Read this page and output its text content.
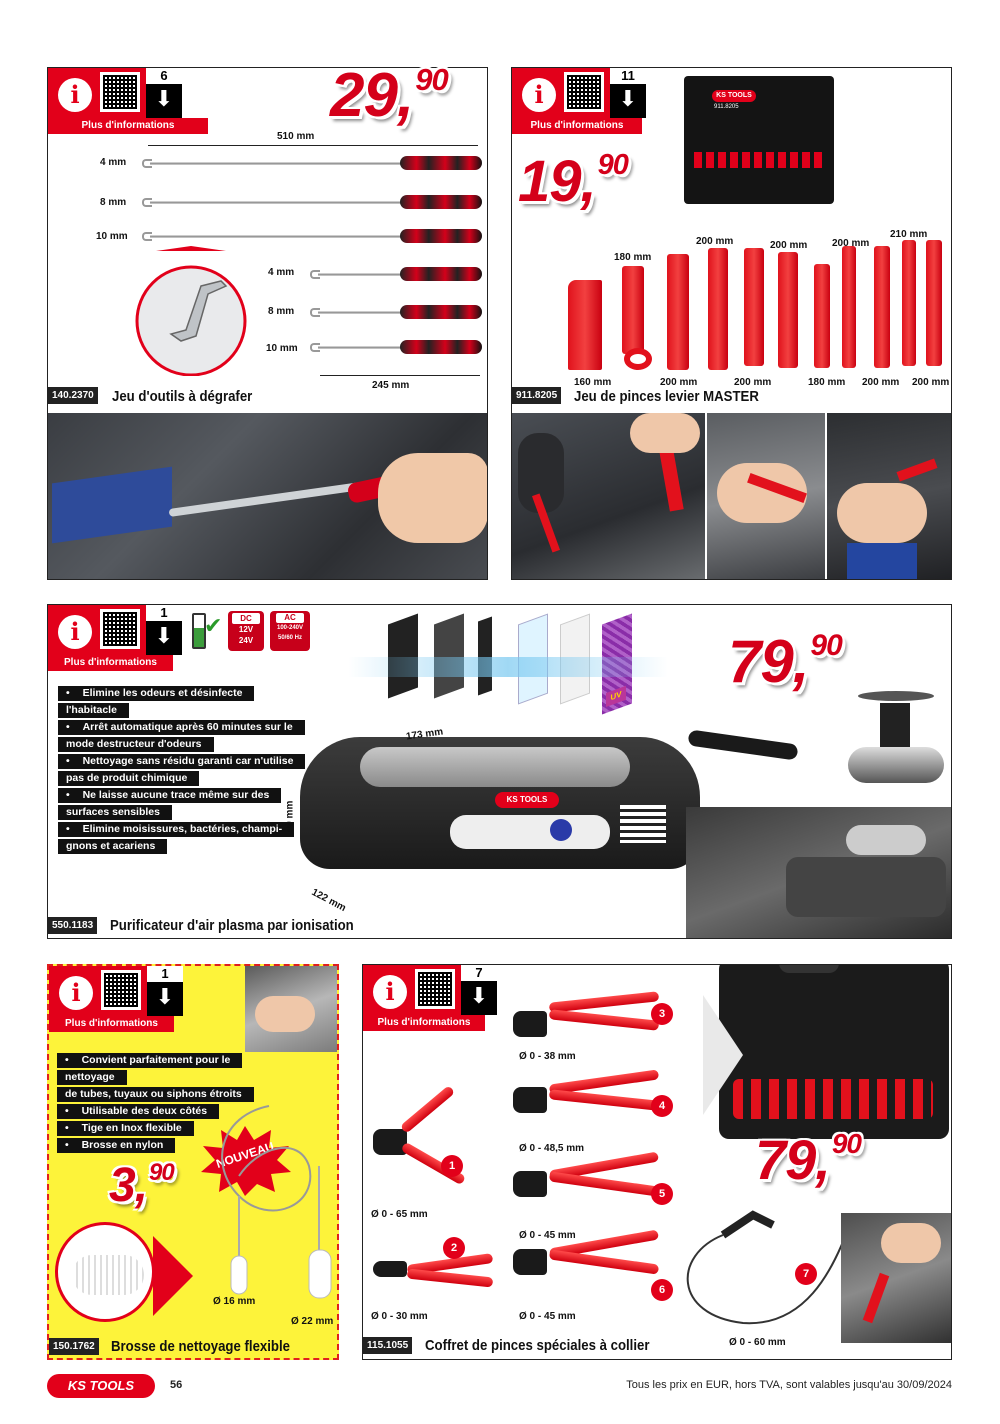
i
6
⬇
Plus d'informations
510 mm
4 mm
8 mm
10 mm
4 mm
8 mm
10 mm
245 mm
140.2370 Jeu d'outils à dégrafer
29,90	i
11
⬇
Plus d'informations
KS TOOLS
911.8205
19,90
180 mm
200 mm	200 mm 200 mm
210 mm
160 mm	200 mm	200 mm	180 mm 200 mm 200 mm
911.8205 Jeu de pinces levier MASTER
i
1
⬇
Plus d'informations
✔	DC
12V
24V
AC
100-240V
50/60 Hz
• Elimine les odeurs et désinfecte l'habitacle
• Arrêt automatique après 60 minutes sur le
mode destructeur d'odeurs
• Nettoyage sans résidu garanti car n'utilise
pas de produit chimique
• Ne laisse aucune trace même sur des
surfaces sensibles
• Elimine moisissures, bactéries, champi-
gnons et acariens
UV
79,90
KS TOOLS
173 mm
49 mm
122 mm
550.1183 Purificateur d'air plasma par ionisation
i
1
⬇
Plus d'informations
• Convient parfaitement pour le nettoyage
de tubes, tuyaux ou siphons étroits
• Utilisable des deux côtés
• Tige en Inox flexible
• Brosse en nylon	NOUVEAU
3,90
Ø 16 mm
Ø 22 mm
150.1762 Brosse de nettoyage flexible
i
7
⬇
Plus d'informations
79,90
1
2
3
4
5
6
7
Ø 0 - 65 mm
Ø 0 - 30 mm
Ø 0 - 38 mm
Ø 0 - 48,5 mm
Ø 0 - 45 mm
Ø 0 - 45 mm
Ø 0 - 60 mm
115.1055 Coffret de pinces spéciales à collier
KS TOOLS	56	Tous les prix en EUR, hors TVA, sont valables jusqu'au 30/09/2024
